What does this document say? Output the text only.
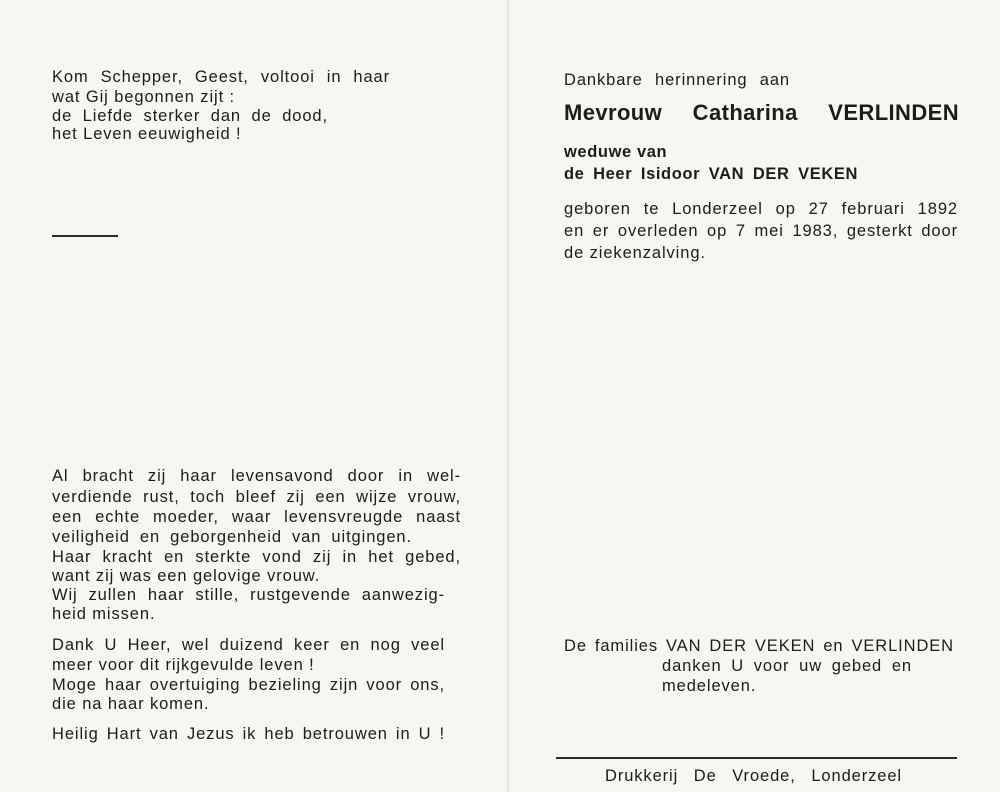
Kom Schepper, Geest, voltooi in haar
wat Gij begonnen zijt :
de Liefde sterker dan de dood,
het Leven eeuwigheid !
Al bracht zij haar levensavond door in wel-
verdiende rust, toch bleef zij een wijze vrouw,
een echte moeder, waar levensvreugde naast
veiligheid en geborgenheid van uitgingen.
Haar kracht en sterkte vond zij in het gebed,
want zij was een gelovige vrouw.
Wij zullen haar stille, rustgevende aanwezig-
heid missen.
Dank U Heer, wel duizend keer en nog veel
meer voor dit rijkgevulde leven !
Moge haar overtuiging bezieling zijn voor ons,
die na haar komen.
Heilig Hart van Jezus ik heb betrouwen in U !
Dankbare herinnering aan
Mevrouw Catharina VERLINDEN
weduwe van
de Heer Isidoor VAN DER VEKEN
geboren te Londerzeel op 27 februari 1892
en er overleden op 7 mei 1983, gesterkt door
de ziekenzalving.
De families VAN DER VEKEN en VERLINDEN
danken U voor uw gebed en
medeleven.
Drukkerij De Vroede, Londerzeel
